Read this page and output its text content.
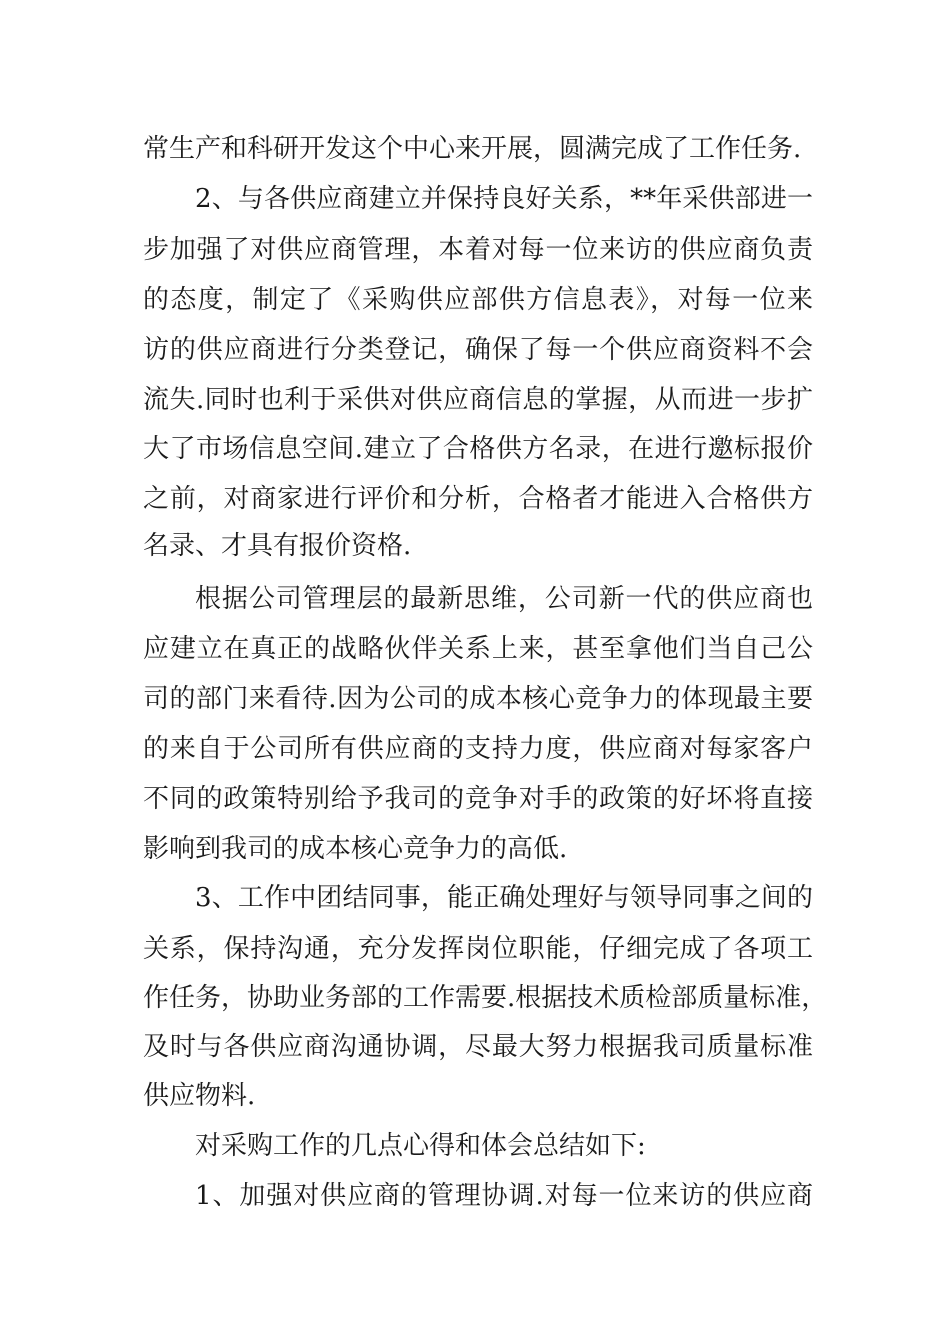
常生产和科研开发这个中心来开展，圆满完成了工作任务.
2、与各供应商建立并保持良好关系，**年采供部进一
步加强了对供应商管理，本着对每一位来访的供应商负责
的态度，制定了《采购供应部供方信息表》，对每一位来
访的供应商进行分类登记，确保了每一个供应商资料不会
流失.同时也利于采供对供应商信息的掌握，从而进一步扩
大了市场信息空间.建立了合格供方名录，在进行邀标报价
之前，对商家进行评价和分析，合格者才能进入合格供方
名录、才具有报价资格.
根据公司管理层的最新思维，公司新一代的供应商也
应建立在真正的战略伙伴关系上来，甚至拿他们当自己公
司的部门来看待.因为公司的成本核心竞争力的体现最主要
的来自于公司所有供应商的支持力度，供应商对每家客户
不同的政策特别给予我司的竞争对手的政策的好坏将直接
影响到我司的成本核心竞争力的高低.
3、工作中团结同事，能正确处理好与领导同事之间的
关系，保持沟通，充分发挥岗位职能，仔细完成了各项工
作任务，协助业务部的工作需要.根据技术质检部质量标准，
及时与各供应商沟通协调，尽最大努力根据我司质量标准
供应物料.
对采购工作的几点心得和体会总结如下:
1、加强对供应商的管理协调.对每一位来访的供应商
